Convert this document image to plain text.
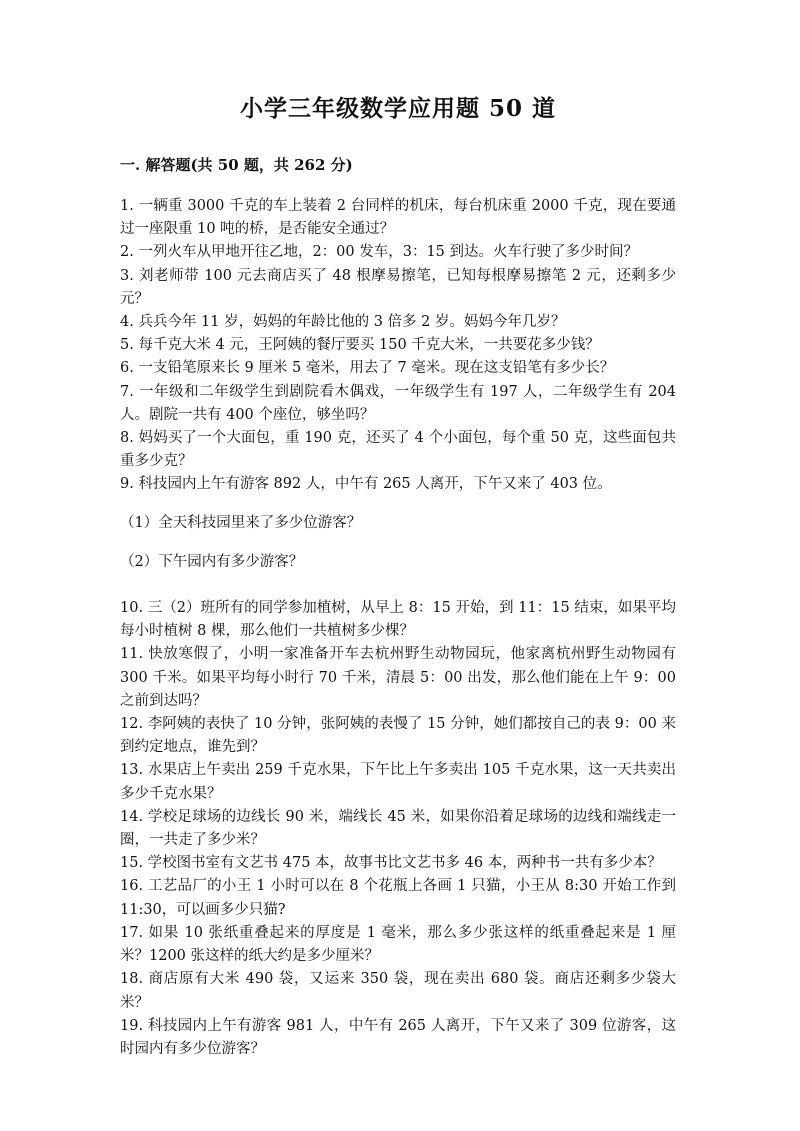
小学三年级数学应用题 50 道
一. 解答题(共 50 题，共 262 分)

1. 一辆重 3000 千克的车上装着 2 台同样的机床，每台机床重 2000 千克，现在要通过一座限重 10 吨的桥，是否能安全通过？

2. 一列火车从甲地开往乙地，2：00 发车，3：15 到达。火车行驶了多少时间？

3. 刘老师带 100 元去商店买了 48 根摩易擦笔，已知每根摩易擦笔 2 元，还剩多少元？

4. 兵兵今年 11 岁，妈妈的年龄比他的 3 倍多 2 岁。妈妈今年几岁？

5. 每千克大米 4 元，王阿姨的餐厅要买 150 千克大米，一共要花多少钱？

6. 一支铅笔原来长 9 厘米 5 毫米，用去了 7 毫米。现在这支铅笔有多少长？

7. 一年级和二年级学生到剧院看木偶戏，一年级学生有 197 人，二年级学生有 204 人。剧院一共有 400 个座位，够坐吗？

8. 妈妈买了一个大面包，重 190 克，还买了 4 个小面包，每个重 50 克，这些面包共重多少克？

9. 科技园内上午有游客 892 人，中午有 265 人离开，下午又来了 403 位。

（1）全天科技园里来了多少位游客？

（2）下午园内有多少游客？

10. 三（2）班所有的同学参加植树，从早上 8：15 开始，到 11：15 结束，如果平均每小时植树 8 棵，那么他们一共植树多少棵？

11. 快放寒假了，小明一家准备开车去杭州野生动物园玩，他家离杭州野生动物园有 300 千米。如果平均每小时行 70 千米，清晨 5：00 出发，那么他们能在上午 9：00 之前到达吗？

12. 李阿姨的表快了 10 分钟，张阿姨的表慢了 15 分钟，她们都按自己的表 9：00 来到约定地点，谁先到？

13. 水果店上午卖出 259 千克水果，下午比上午多卖出 105 千克水果，这一天共卖出多少千克水果？

14. 学校足球场的边线长 90 米，端线长 45 米，如果你沿着足球场的边线和端线走一圈，一共走了多少米？

15. 学校图书室有文艺书 475 本，故事书比文艺书多 46 本，两种书一共有多少本？

16. 工艺品厂的小王 1 小时可以在 8 个花瓶上各画 1 只猫，小王从 8:30 开始工作到 11:30，可以画多少只猫?

17. 如果 10 张纸重叠起来的厚度是 1 毫米，那么多少张这样的纸重叠起来是 1 厘米？1200 张这样的纸大约是多少厘米？

18. 商店原有大米 490 袋，又运来 350 袋，现在卖出 680 袋。商店还剩多少袋大米？

19. 科技园内上午有游客 981 人，中午有 265 人离开，下午又来了 309 位游客，这时园内有多少位游客？
